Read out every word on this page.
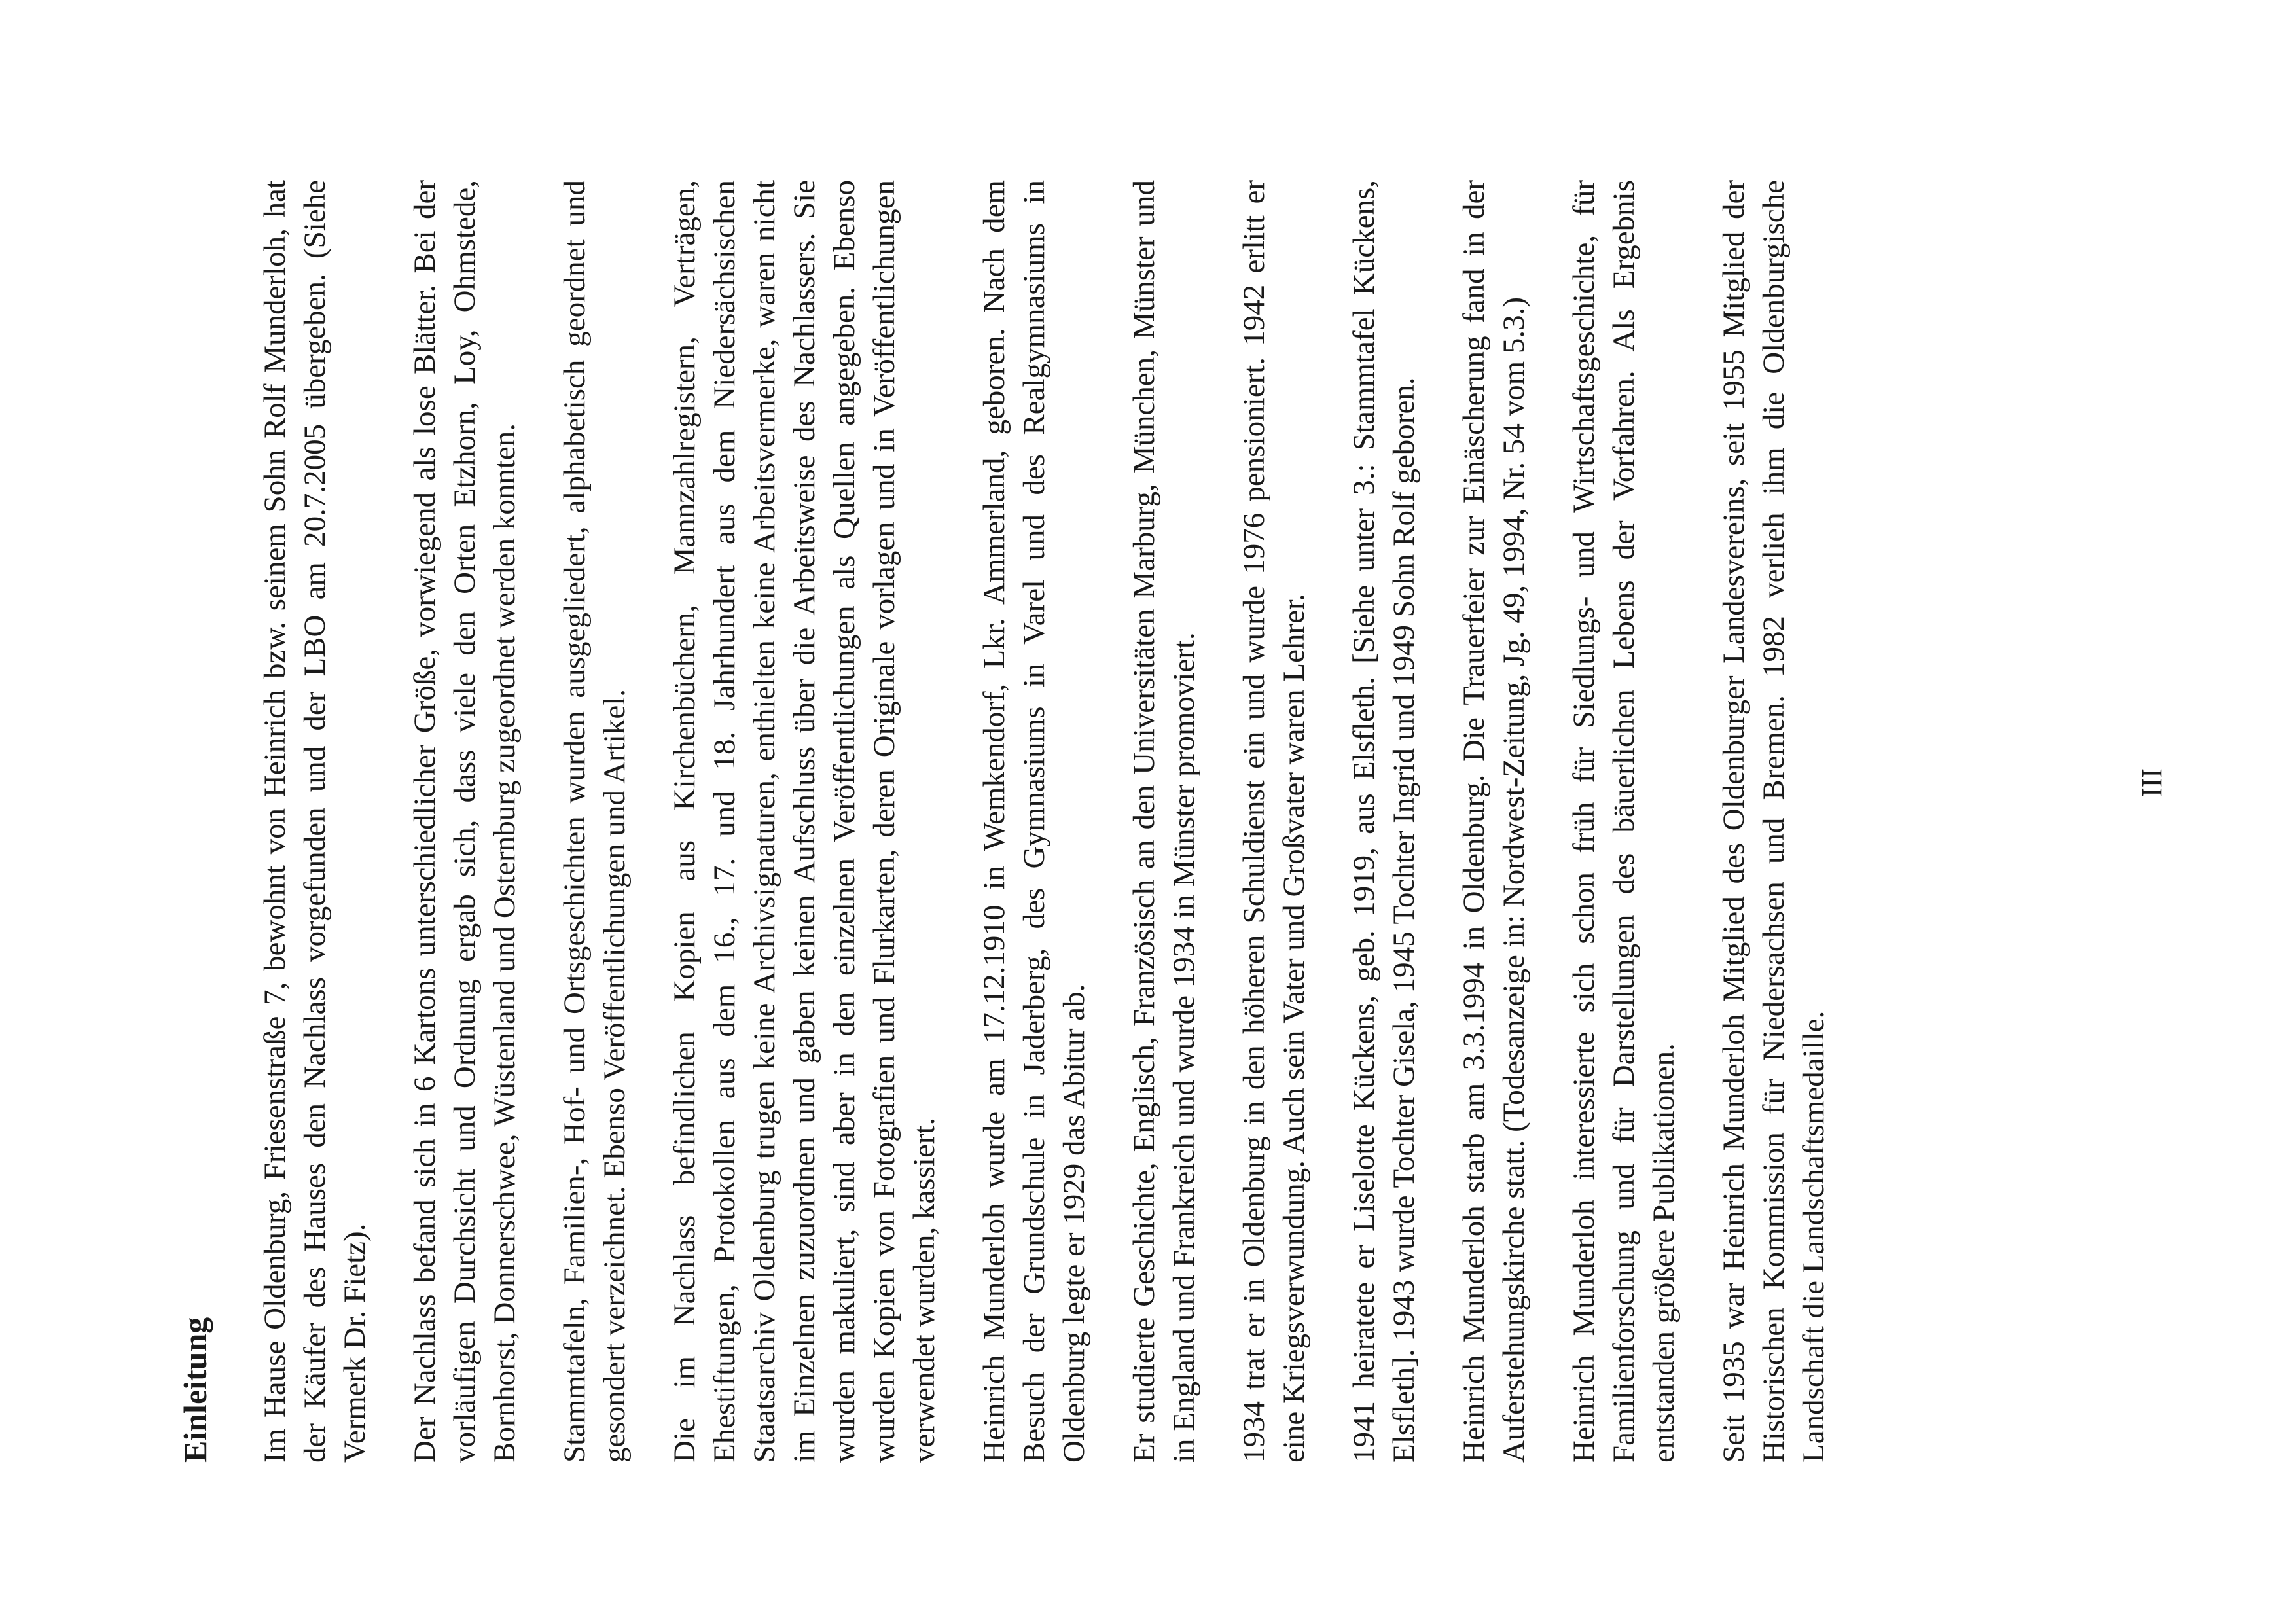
Einleitung	Im Hause Oldenburg, Friesenstraße 7, bewohnt von Heinrich bzw. seinem Sohn Rolf Munderloh, hat der Käufer des Hauses den Nachlass vorgefunden und der LBO am 20.7.2005 übergeben. (Siehe Vermerk Dr. Fietz). Der Nachlass befand sich in 6 Kartons unterschiedlicher Größe, vorwiegend als lose Blätter. Bei der vorläufigen Durchsicht und Ordnung ergab sich, dass viele den Orten Etzhorn, Loy, Ohmstede, Bornhorst, Donnerschwee, Wüstenland und Osternburg zugeordnet werden konnten. Stammtafeln, Familien-, Hof- und Ortsgeschichten wurden ausgegliedert, alphabetisch geordnet und gesondert verzeichnet. Ebenso Veröffentlichungen und Artikel. Die im Nachlass befindlichen Kopien aus Kirchenbüchern, Mannzahlregistern, Verträgen, Ehestiftungen, Protokollen aus dem 16., 17. und 18. Jahrhundert aus dem Niedersächsischen Staatsarchiv Oldenburg trugen keine Archivsignaturen, enthielten keine Arbeitsvermerke, waren nicht im Einzelnen zuzuordnen und gaben keinen Aufschluss über die Arbeitsweise des Nachlassers. Sie wurden makuliert, sind aber in den einzelnen Veröffentlichungen als Quellen angegeben. Ebenso wurden Kopien von Fotografien und Flurkarten, deren Originale vorlagen und in Veröffentlichungen verwendet wurden, kassiert. Heinrich Munderloh wurde am 17.12.1910 in Wemkendorf, Lkr. Ammerland, geboren. Nach dem Besuch der Grundschule in Jaderberg, des Gymnasiums in Varel und des Realgymnasiums in Oldenburg legte er 1929 das Abitur ab. Er studierte Geschichte, Englisch, Französisch an den Universitäten Marburg, München, Münster und in England und Frankreich und wurde 1934 in Münster promoviert. 1934 trat er in Oldenburg in den höheren Schuldienst ein und wurde 1976 pensioniert. 1942 erlitt er eine Kriegsverwundung. Auch sein Vater und Großvater waren Lehrer. 1941 heiratete er Liselotte Kückens, geb. 1919, aus Elsfleth. [Siehe unter 3.: Stammtafel Kückens, Elsfleth]. 1943 wurde Tochter Gisela, 1945 Tochter Ingrid und 1949 Sohn Rolf geboren. Heinrich Munderloh starb am 3.3.1994 in Oldenburg. Die Trauerfeier zur Einäscherung fand in der Auferstehungskirche statt. (Todesanzeige in: Nordwest-Zeitung, Jg. 49, 1994, Nr. 54 vom 5.3.) Heinrich Munderloh interessierte sich schon früh für Siedlungs- und Wirtschaftsgeschichte, für Familienforschung und für Darstellungen des bäuerlichen Lebens der Vorfahren. Als Ergebnis entstanden größere Publikationen. Seit 1935 war Heinrich Munderloh Mitglied des Oldenburger Landesvereins, seit 1955 Mitglied der Historischen Kommission für Niedersachsen und Bremen. 1982 verlieh ihm die Oldenburgische Landschaft die Landschaftsmedaille.

III
